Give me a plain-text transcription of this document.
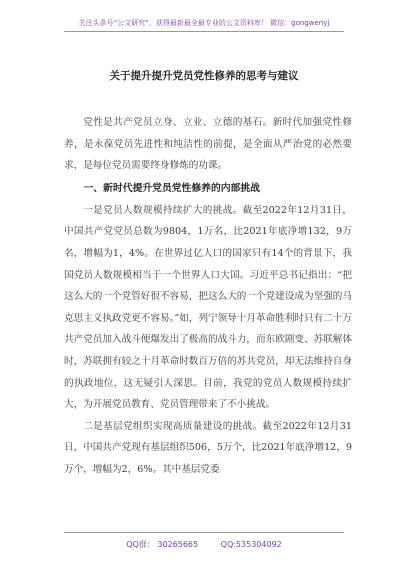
关注头条号“公文研究”，获得最新最全最专业的公文资料库！ 微信：gongwenyj
关于提升提升党员党性修养的思考与建议

党性是共产党员立身、立业、立德的基石。新时代加强党性修养，是永葆党员先进性和纯洁性的前提，是全面从严治党的必然要求，是每位党员需要终身修炼的功课。

一、新时代提升党员党性修养的内部挑战

一是党员人数规模持续扩大的挑战。截至2022年12月31日，中国共产党党员总数为9804，1万名，比2021年底净增132，9万名，增幅为1，4%。在世界过亿人口的国家只有14个的背景下，我国党员人数规模相当于一个世界人口大国。习近平总书记指出：“把这么大的一个党管好很不容易，把这么大的一个党建设成为坚强的马克思主义执政党更不容易。”如，列宁领导十月革命胜利时只有二十万共产党员加入战斗便爆发出了极高的战斗力，而东欧剧变、苏联解体时，苏联拥有较之十月革命时数百万倍的苏共党员，却无法维持自身的执政地位，这无疑引人深思。目前，我党的党员人数规模持续扩大，为开展党员教育、党员管理带来了不小挑战。

二是基层党组织实现高质量建设的挑战。截至2022年12月31日，中国共产党现有基层组织506，5万个，比2021年底净增12，9万个，增幅为2，6%。其中基层党委

QQ群： 30265665	QQ:535304092
